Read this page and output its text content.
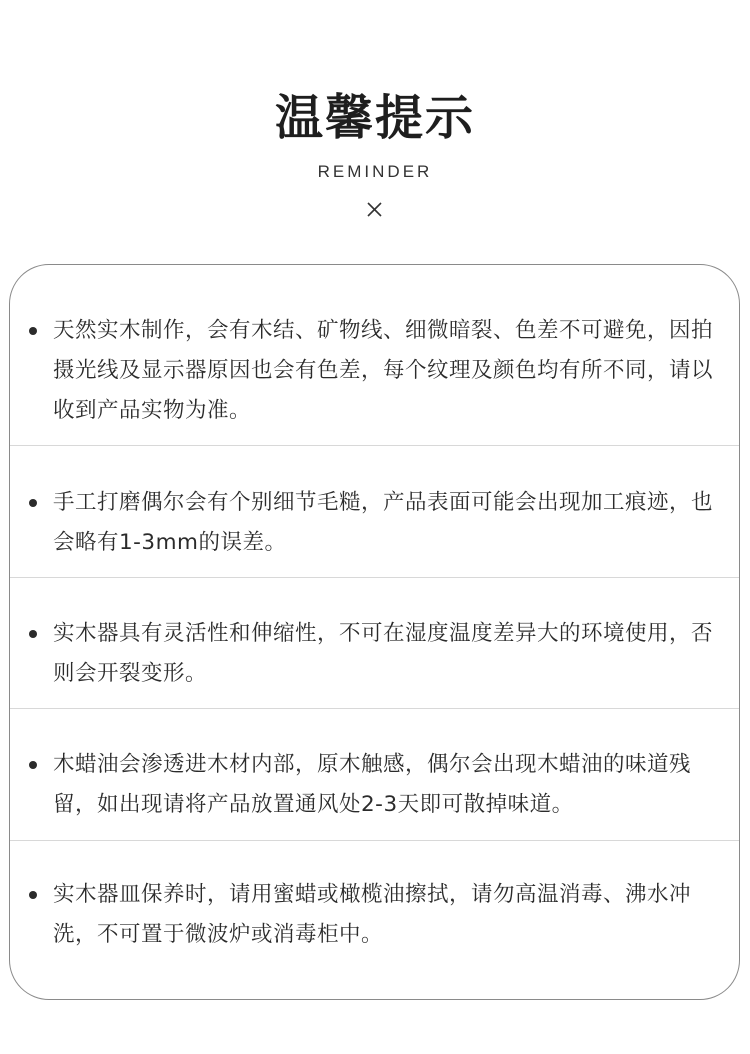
温馨提示
REMINDER
天然实木制作，会有木结、矿物线、细微暗裂、色差不可避免，因拍摄光线及显示器原因也会有色差，每个纹理及颜色均有所不同，请以收到产品实物为准。
手工打磨偶尔会有个别细节毛糙，产品表面可能会出现加工痕迹，也会略有1-3mm的误差。
实木器具有灵活性和伸缩性，不可在湿度温度差异大的环境使用，否则会开裂变形。
木蜡油会渗透进木材内部，原木触感，偶尔会出现木蜡油的味道残留，如出现请将产品放置通风处2-3天即可散掉味道。
实木器皿保养时，请用蜜蜡或橄榄油擦拭，请勿高温消毒、沸水冲洗，不可置于微波炉或消毒柜中。
